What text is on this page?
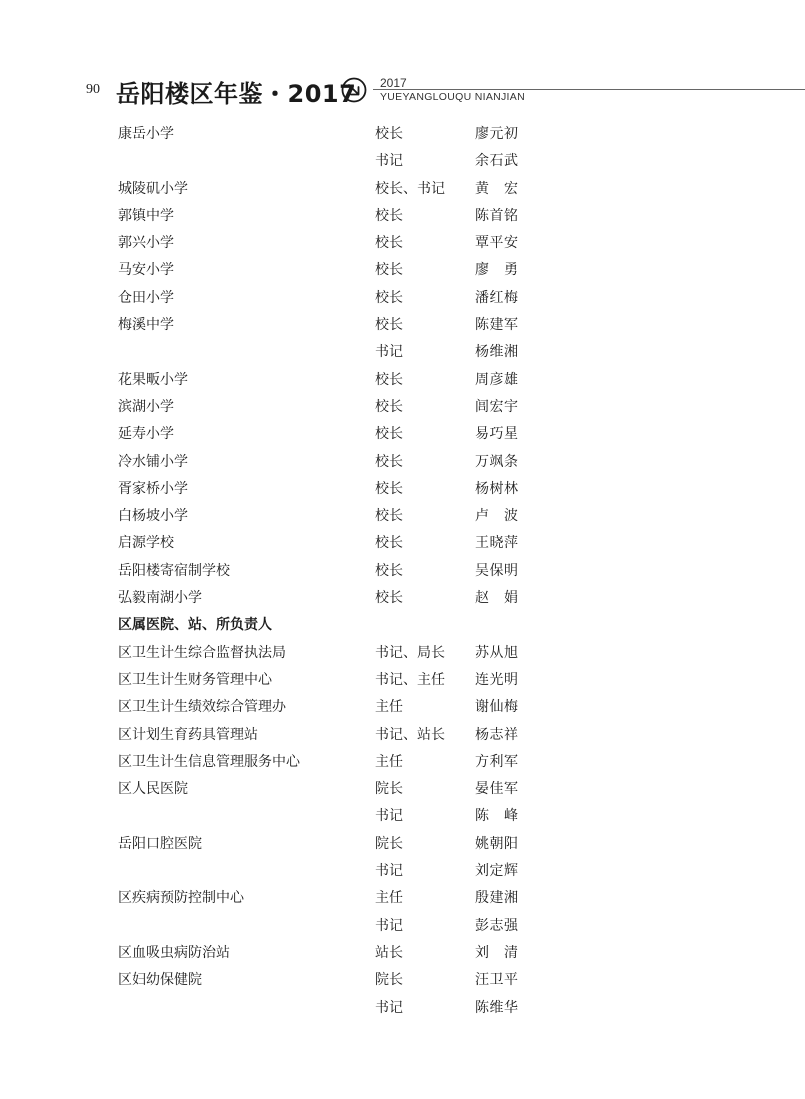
90 岳阳楼区年鉴・2017 2017
YUEYANGLOUQU NIANJIAN
康岳小学	校长	廖元初
书记	余石武
城陵矶小学	校长、书记 黄　宏
郭镇中学	校长	陈首铭
郭兴小学	校长	覃平安
马安小学	校长	廖　勇
仓田小学	校长	潘红梅
梅溪中学	校长	陈建军
书记	杨维湘
花果畈小学	校长	周彦雄
滨湖小学	校长	闾宏宇
延寿小学	校长	易巧星
冷水铺小学	校长	万飒条
胥家桥小学	校长	杨树林
白杨坡小学	校长	卢　波
启源学校	校长	王晓萍
岳阳楼寄宿制学校	校长	吴保明
弘毅南湖小学	校长	赵　娟
区属医院、站、所负责人
区卫生计生综合监督执法局	书记、局长 苏从旭
区卫生计生财务管理中心	书记、主任 连光明
区卫生计生绩效综合管理办	主任	谢仙梅
区计划生育药具管理站	书记、站长 杨志祥
区卫生计生信息管理服务中心	主任	方利军
区人民医院	院长	晏佳军
书记	陈　峰
岳阳口腔医院	院长	姚朝阳
书记	刘定辉
区疾病预防控制中心	主任	殷建湘
书记	彭志强
区血吸虫病防治站	站长	刘　清
区妇幼保健院	院长	汪卫平
书记	陈维华
